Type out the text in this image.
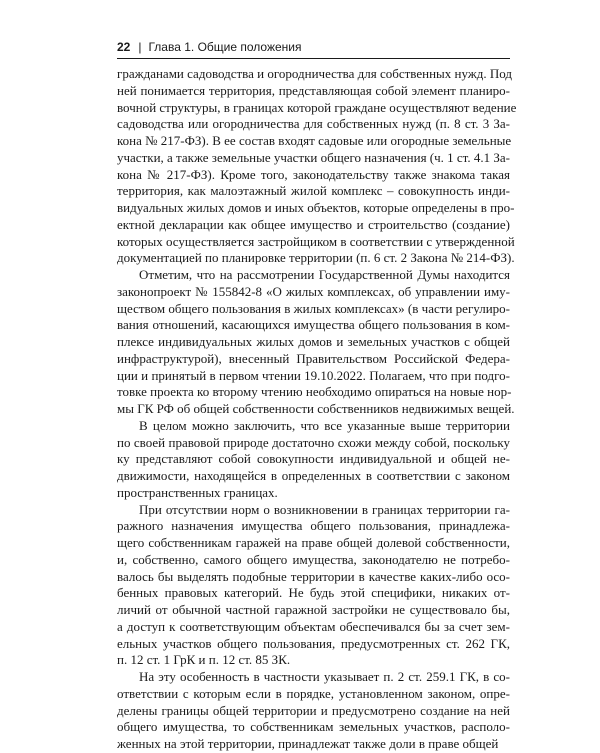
22 | Глава 1. Общие положения

гражданами садоводства и огородничества для собственных нужд. Под
ней понимается территория, представляющая собой элемент планиро-
вочной структуры, в границах которой граждане осуществляют ведение
садоводства или огородничества для собственных нужд (п. 8 ст. 3 За-
кона № 217-ФЗ). В ее состав входят садовые или огородные земельные
участки, а также земельные участки общего назначения (ч. 1 ст. 4.1 За-
кона № 217-ФЗ). Кроме того, законодательству также знакома такая
территория, как малоэтажный жилой комплекс – совокупность инди-
видуальных жилых домов и иных объектов, которые определены в про-
ектной декларации как общее имущество и строительство (создание)
которых осуществляется застройщиком в соответствии с утвержденной
документацией по планировке территории (п. 6 ст. 2 Закона № 214-ФЗ).

Отметим, что на рассмотрении Государственной Думы находится
законопроект № 155842-8 «О жилых комплексах, об управлении иму-
ществом общего пользования в жилых комплексах» (в части регулиро-
вания отношений, касающихся имущества общего пользования в ком-
плексе индивидуальных жилых домов и земельных участков с общей
инфраструктурой), внесенный Правительством Российской Федера-
ции и принятый в первом чтении 19.10.2022. Полагаем, что при подго-
товке проекта ко второму чтению необходимо опираться на новые нор-
мы ГК РФ об общей собственности собственников недвижимых вещей.

В целом можно заключить, что все указанные выше территории
по своей правовой природе достаточно схожи между собой, поскольку
ку представляют собой совокупности индивидуальной и общей не-
движимости, находящейся в определенных в соответствии с законом
пространственных границах.

При отсутствии норм о возникновении в границах территории га-
ражного назначения имущества общего пользования, принадлежа-
щего собственникам гаражей на праве общей долевой собственности,
и, собственно, самого общего имущества, законодателю не потребо-
валось бы выделять подобные территории в качестве каких-либо осо-
бенных правовых категорий. Не будь этой специфики, никаких от-
личий от обычной частной гаражной застройки не существовало бы,
а доступ к соответствующим объектам обеспечивался бы за счет зем-
ельных участков общего пользования, предусмотренных ст. 262 ГК,
п. 12 ст. 1 ГрК и п. 12 ст. 85 ЗК.

На эту особенность в частности указывает п. 2 ст. 259.1 ГК, в со-
ответствии с которым если в порядке, установленном законом, опре-
делены границы общей территории и предусмотрено создание на ней
общего имущества, то собственникам земельных участков, располо-
женных на этой территории, принадлежат также доли в праве общей
